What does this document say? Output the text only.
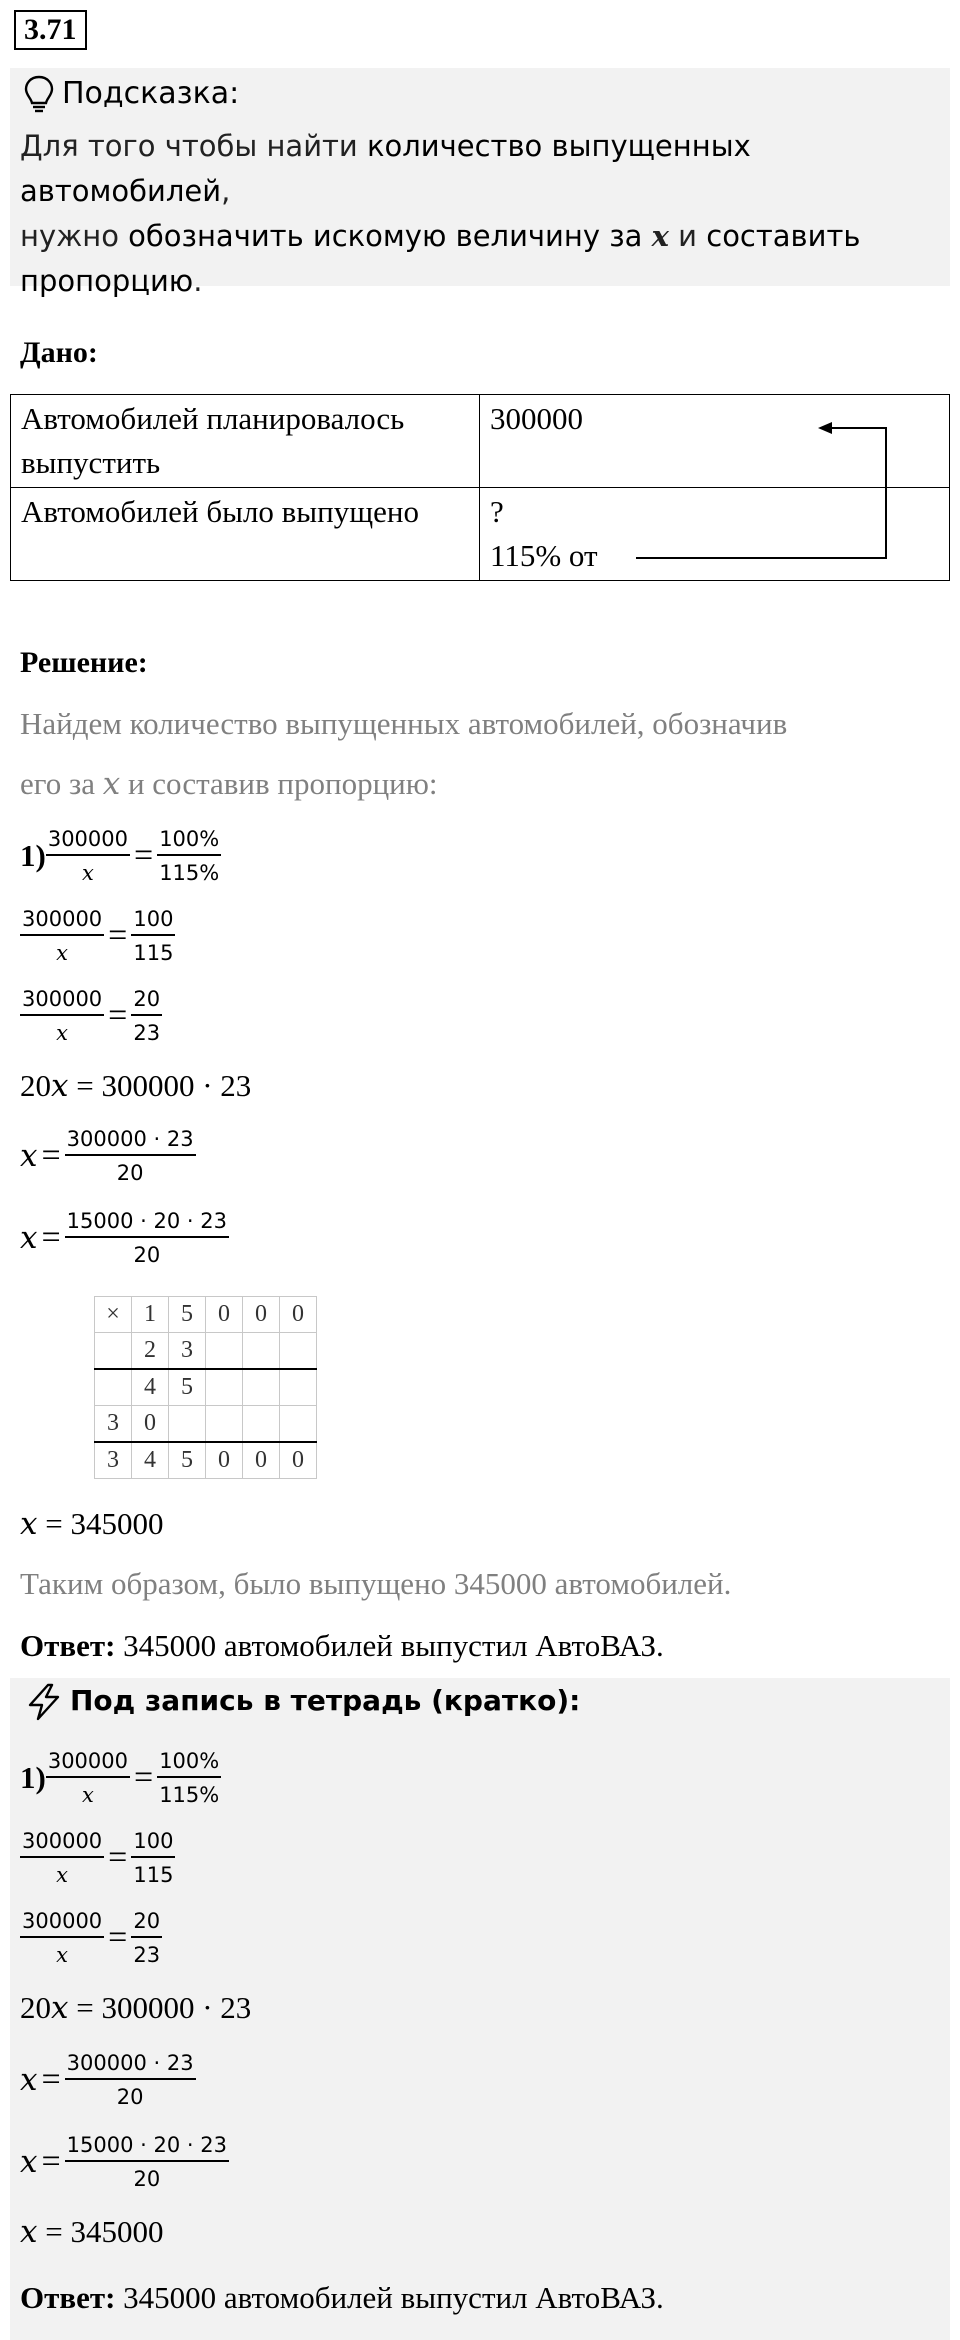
3.71
Подсказка:
Для того чтобы найти количество выпущенных автомобилей,
нужно обозначить искомую величину за x и составить
пропорцию.
Дано:
Автомобилей планировалось выпустить	300000
Автомобилей было выпущено	?
115% от
Решение:
Найдем количество выпущенных автомобилей, обозначив
его за x и составив пропорцию:
$1) \frac{300000}{x} = \frac{100\%}{115\%}$
$\frac{300000}{x} = \frac{100}{115}$
$\frac{300000}{x} = \frac{20}{23}$
20x = 300000 · 23
$x = \frac{300000 \cdot 23}{20}$
$x = \frac{15000 \cdot 20 \cdot 23}{20}$
×	1	5	0	0	0
	2	3			
	4	5			
3	0				
3	4	5	0	0	0
x = 345000
Таким образом, было выпущено 345000 автомобилей.
Ответ: 345000 автомобилей выпустил АвтоВАЗ.
Под запись в тетрадь (кратко):
$1) \frac{300000}{x} = \frac{100\%}{115\%}$
$\frac{300000}{x} = \frac{100}{115}$
$\frac{300000}{x} = \frac{20}{23}$
20x = 300000 · 23
$x = \frac{300000 \cdot 23}{20}$
$x = \frac{15000 \cdot 20 \cdot 23}{20}$
x = 345000
Ответ: 345000 автомобилей выпустил АвтоВАЗ.
